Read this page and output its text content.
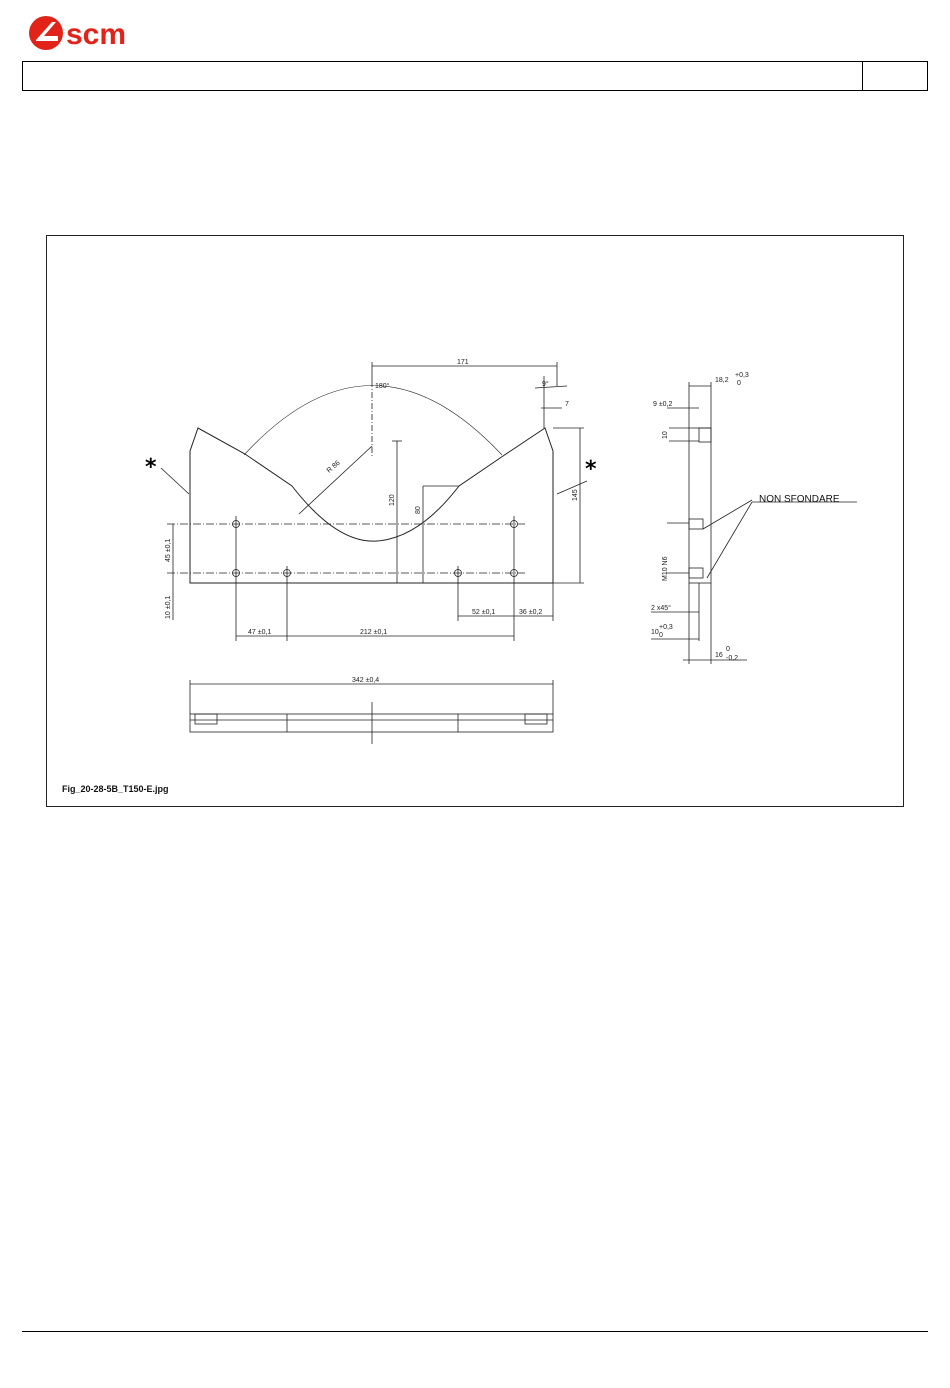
scm
180°
R 86
171
9°
7
120	145
80
45 ±0,1
10 ±0,1
47 ±0,1	212 ±0,1
52 ±0,1	36 ±0,2
342 ±0,4
18,2
+0,3
0
9 ±0,2
10
M10 N6
2 x45°
10
+0,3
0
16
0
-0,2
NON SFONDARE
*	*
Fig_20-28-5B_T150-E.jpg
